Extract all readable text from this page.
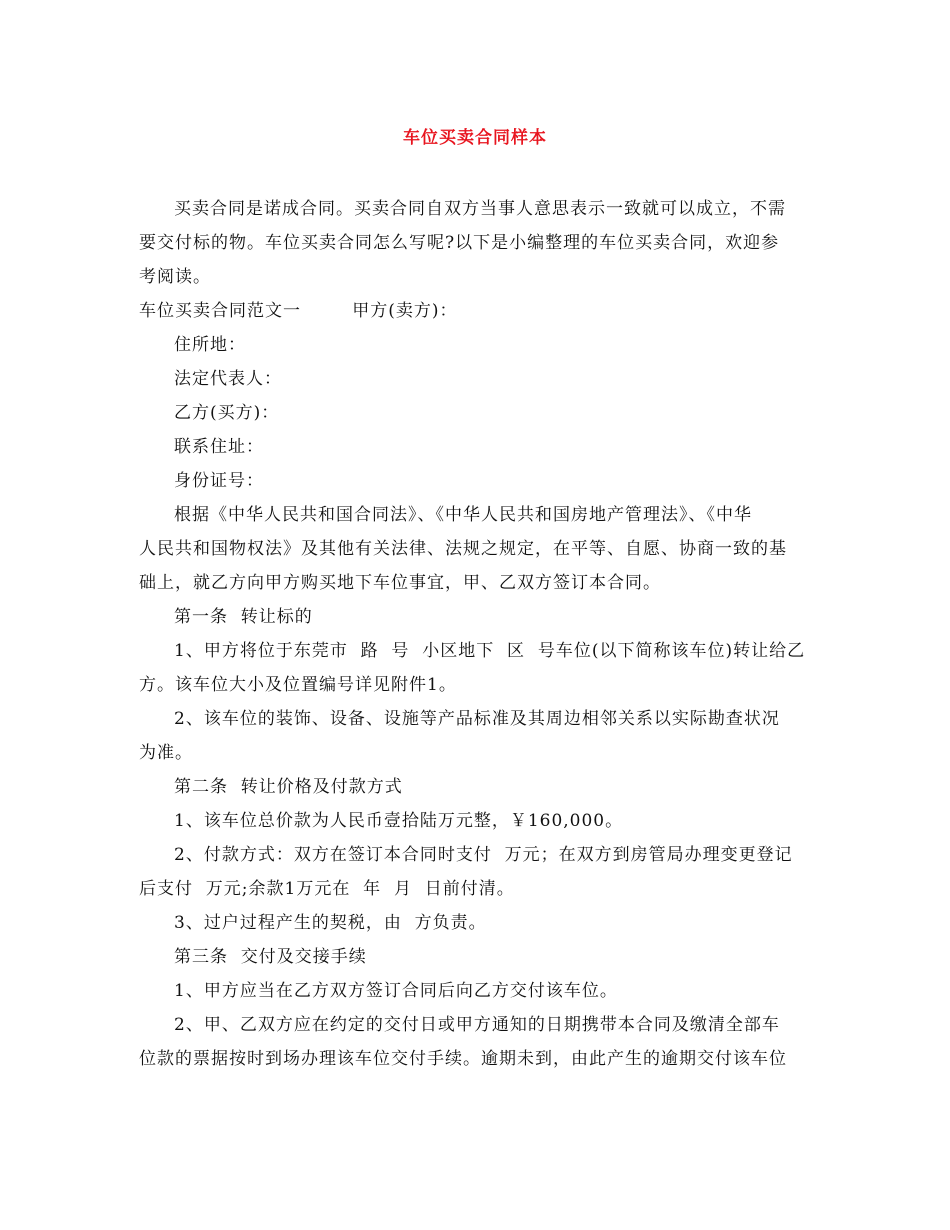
车位买卖合同样本
买卖合同是诺成合同。买卖合同自双方当事人意思表示一致就可以成立，不需
要交付标的物。车位买卖合同怎么写呢?以下是小编整理的车位买卖合同，欢迎参
考阅读。
车位买卖合同范文一        甲方(卖方)：
住所地：
法定代表人：
乙方(买方)：
联系住址：
身份证号：
根据《中华人民共和国合同法》、《中华人民共和国房地产管理法》、《中华
人民共和国物权法》及其他有关法律、法规之规定，在平等、自愿、协商一致的基
础上，就乙方向甲方购买地下车位事宜，甲、乙双方签订本合同。
第一条  转让标的
1、甲方将位于东莞市  路  号  小区地下  区  号车位(以下简称该车位)转让给乙
方。该车位大小及位置编号详见附件1。
2、该车位的装饰、设备、设施等产品标准及其周边相邻关系以实际勘查状况
为准。
第二条  转让价格及付款方式
1、该车位总价款为人民币壹拾陆万元整，￥160,000。
2、付款方式：双方在签订本合同时支付  万元；在双方到房管局办理变更登记
后支付  万元;余款1万元在  年  月  日前付清。
3、过户过程产生的契税，由  方负责。
第三条  交付及交接手续
1、甲方应当在乙方双方签订合同后向乙方交付该车位。
2、甲、乙双方应在约定的交付日或甲方通知的日期携带本合同及缴清全部车
位款的票据按时到场办理该车位交付手续。逾期未到，由此产生的逾期交付该车位
